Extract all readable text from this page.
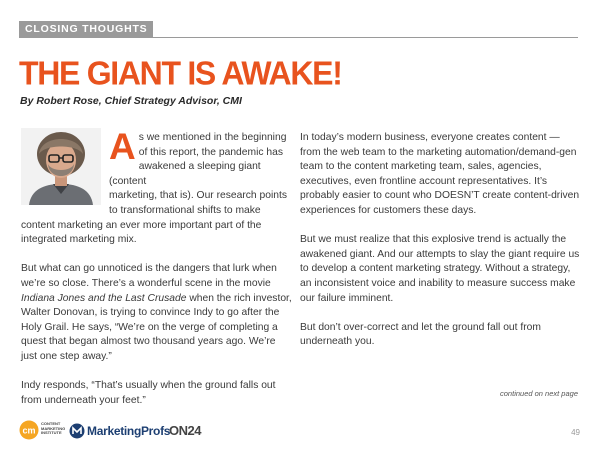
CLOSING THOUGHTS
THE GIANT IS AWAKE!
By Robert Rose, Chief Strategy Advisor, CMI

A s we mentioned in the beginning
of this report, the pandemic has
awakened a sleeping giant (content
marketing, that is). Our research points
to transformational shifts to make
content marketing an ever more important part of the integrated marketing mix.

But what can go unnoticed is the dangers that lurk when we’re so close. There’s a wonderful scene in the movie Indiana Jones and the Last Crusade when the rich investor, Walter Donovan, is trying to convince Indy to go after the Holy Grail. He says, “We’re on the verge of completing a quest that began almost two thousand years ago. We’re just one step away.”

Indy responds, “That’s usually when the ground falls out from underneath your feet.”

In today’s modern business, everyone creates content — from the web team to the marketing automation/demand-gen team to the content marketing team, sales, agencies, executives, even frontline account representatives. It’s probably easier to count who DOESN’T create content-driven experiences for customers these days.

But we must realize that this explosive trend is actually the awakened giant. And our attempts to slay the giant require us to develop a content marketing strategy. Without a strategy, an inconsistent voice and inability to measure success make our failure imminent.

But don’t over-correct and let the ground fall out from underneath you.

continued on next page
cm
CONTENT
MARKETING
INSTITUTE MarketingProfs
ON24	49
